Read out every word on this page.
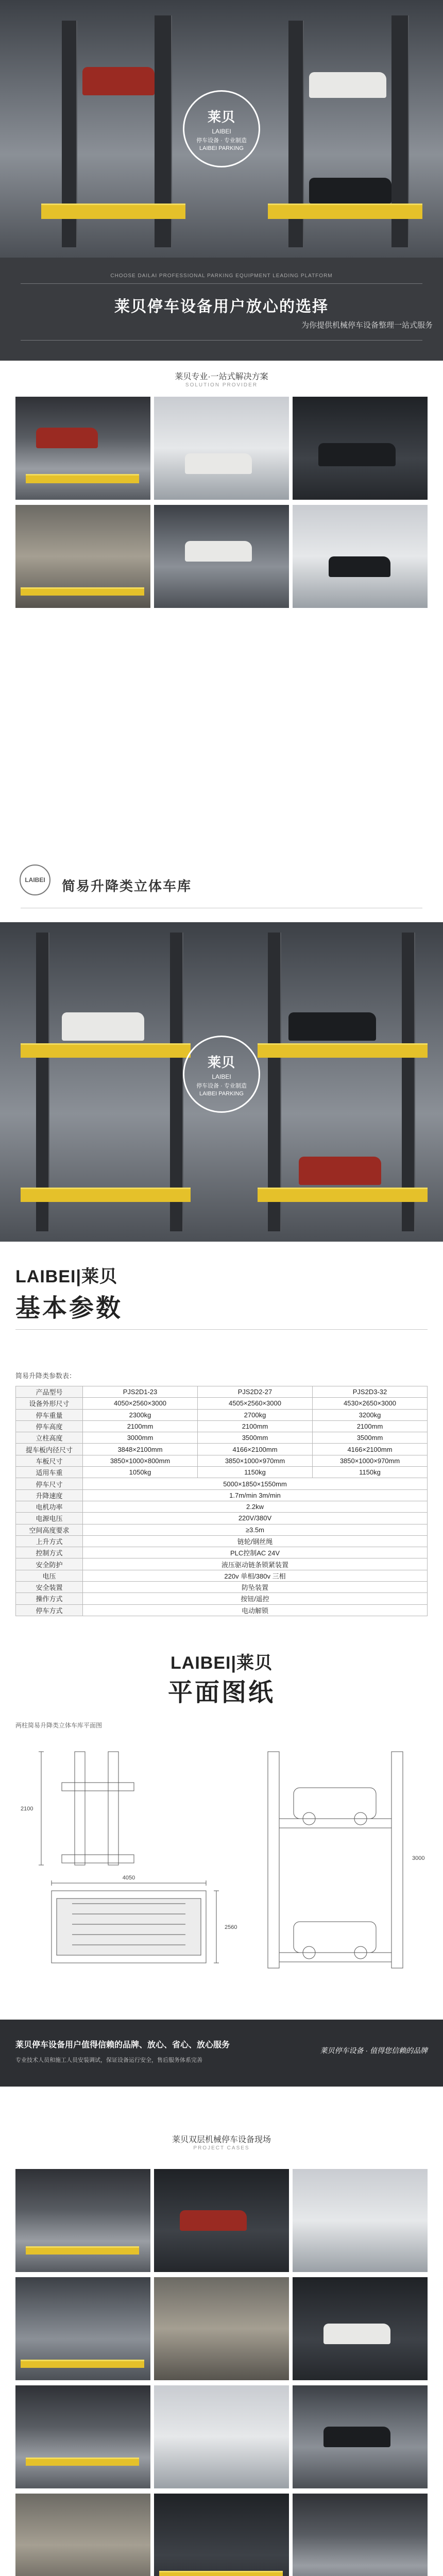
莱贝
LAIBEI
停车设备 · 专业制造
LAIBEI PARKING
CHOOSE DAILAI PROFESSIONAL PARKING EQUIPMENT LEADING PLATFORM
莱贝停车设备用户放心的选择
为你提供机械停车设备整理一站式服务
莱贝专业·一站式解决方案
SOLUTION PROVIDER
LAIBEI 简易升降类立体车库
莱贝
LAIBEI
停车设备 · 专业制造
LAIBEI PARKING
LAIBEI|莱贝
基本参数
简易升降类参数表：
产品型号	PJS2D1-23	PJS2D2-27	PJS2D3-32
设备外形尺寸	4050×2560×3000	4505×2560×3000	4530×2650×3000
停车重量	2300kg	2700kg	3200kg
停车高度	2100mm	2100mm	2100mm
立柱高度	3000mm	3500mm	3500mm
提车板内径尺寸	3848×2100mm	4166×2100mm	4166×2100mm
车板尺寸	3850×1000×800mm	3850×1000×970mm	3850×1000×970mm
适用车重	1050kg	1150kg	1150kg
停车尺寸	5000×1850×1550mm		
升降速度	1.7m/min 3m/min		
电机功率	2.2kw		
电源电压	220V/380V		
空间高度要求	≥3.5m		
上升方式	链轮/钢丝绳		
控制方式	PLC控制AC 24V		
安全防护	液压驱动链条锁紧装置		
电压	220v 单相/380v 三相		
安全装置	防坠装置		
操作方式	按钮/遥控		
停车方式	电动解锁		
LAIBEI|莱贝
平面图纸
两柱简易升降类立体车库平面图
4050
2560
2100
3000
莱贝停车设备用户值得信赖的品牌、放心、省心、放心服务
专业技术人员和施工人员安装调试，保证设备运行安全，售后服务体系完善
莱贝停车设备 · 值得您信赖的品牌
莱贝双层机械停车设备现场
PROJECT CASES
